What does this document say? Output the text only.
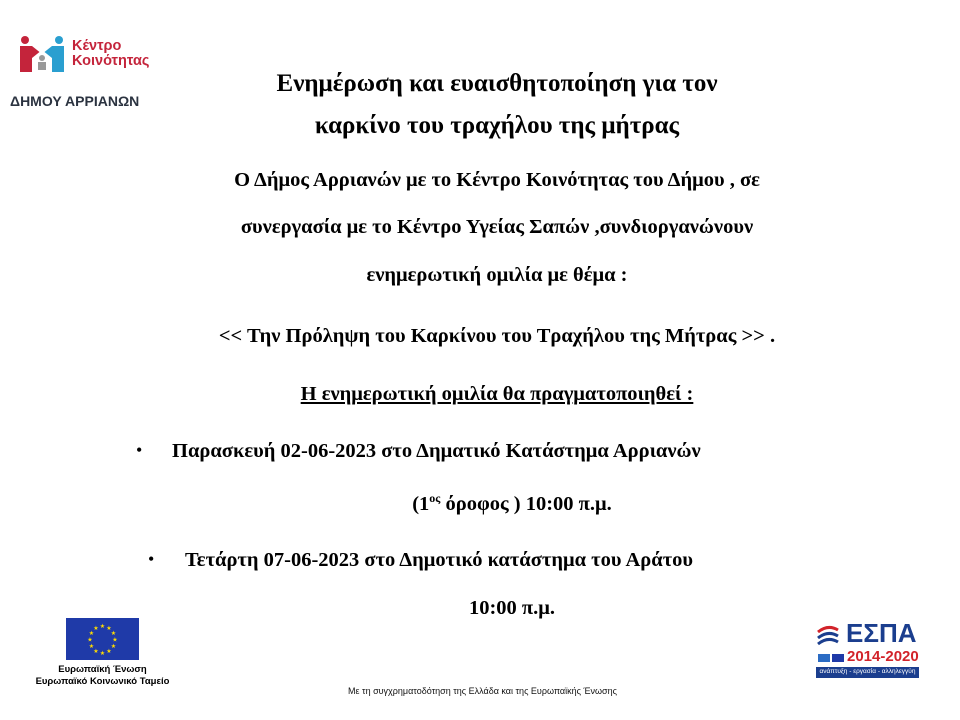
Κέντρο
Κοινότητας
ΔΗΜΟΥ ΑΡΡΙΑΝΩΝ
Ενημέρωση και ευαισθητοποίηση για τον
καρκίνο του τραχήλου της μήτρας
Ο Δήμος Αρριανών με το Κέντρο Κοινότητας του Δήμου , σε
συνεργασία με το Κέντρο Υγείας Σαπών ,συνδιοργανώνουν
ενημερωτική ομιλία με θέμα :
<< Την Πρόληψη του Καρκίνου του Τραχήλου της Μήτρας >> .
Η ενημερωτική ομιλία θα πραγματοποιηθεί :
• Παρασκευή 02-06-2023 στο Δηματικό Κατάστημα Αρριανών
($1^{o\varsigma}$ όροφος ) 10:00 π.μ.
• Τετάρτη 07-06-2023 στο Δημοτικό κατάστημα του Αράτου
10:00 π.μ.
★ ★
★
★
★
★
★
★
★
★
★
★
Ευρωπαϊκή Ένωση
Ευρωπαϊκό Κοινωνικό Ταμείο
Με τη συγχρηματοδότηση της Ελλάδα και της Ευρωπαϊκής Ένωσης
ΕΣΠΑ
2014-2020
ανάπτυξη - εργασία - αλληλεγγύη
